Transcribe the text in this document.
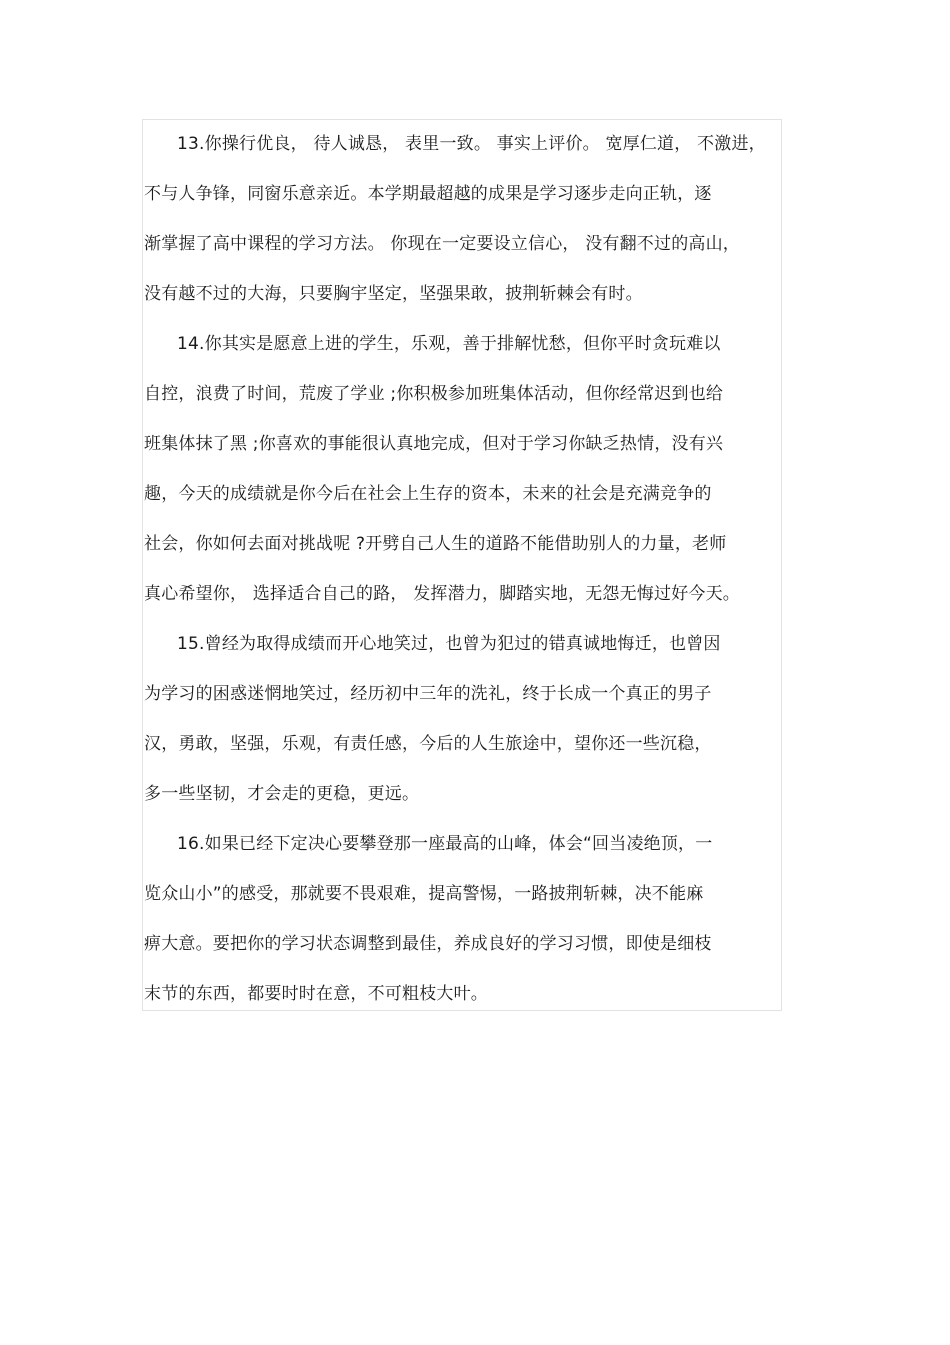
13.你操行优良， 待人诚恳， 表里一致。 事实上评价。 宽厚仁道， 不激进，
不与人争锋，同窗乐意亲近。本学期最超越的成果是学习逐步走向正轨，逐
渐掌握了高中课程的学习方法。 你现在一定要设立信心， 没有翻不过的高山，
没有越不过的大海，只要胸宇坚定，坚强果敢，披荆斩棘会有时。
14.你其实是愿意上进的学生，乐观，善于排解忧愁，但你平时贪玩难以
自控，浪费了时间，荒废了学业 ;你积极参加班集体活动，但你经常迟到也给
班集体抹了黑 ;你喜欢的事能很认真地完成，但对于学习你缺乏热情，没有兴
趣，今天的成绩就是你今后在社会上生存的资本，未来的社会是充满竞争的
社会，你如何去面对挑战呢 ?开劈自己人生的道路不能借助别人的力量，老师
真心希望你， 选择适合自己的路， 发挥潜力，脚踏实地，无怨无悔过好今天。
15.曾经为取得成绩而开心地笑过，也曾为犯过的错真诚地悔迁，也曾因
为学习的困惑迷惘地笑过，经历初中三年的洗礼，终于长成一个真正的男子
汉，勇敢，坚强，乐观，有责任感，今后的人生旅途中，望你还一些沉稳，
多一些坚韧，才会走的更稳，更远。
16.如果已经下定决心要攀登那一座最高的山峰，体会“回当凌绝顶，一
览众山小”的感受，那就要不畏艰难，提高警惕，一路披荆斩棘，决不能麻
痹大意。要把你的学习状态调整到最佳，养成良好的学习习惯，即使是细枝
末节的东西，都要时时在意，不可粗枝大叶。
